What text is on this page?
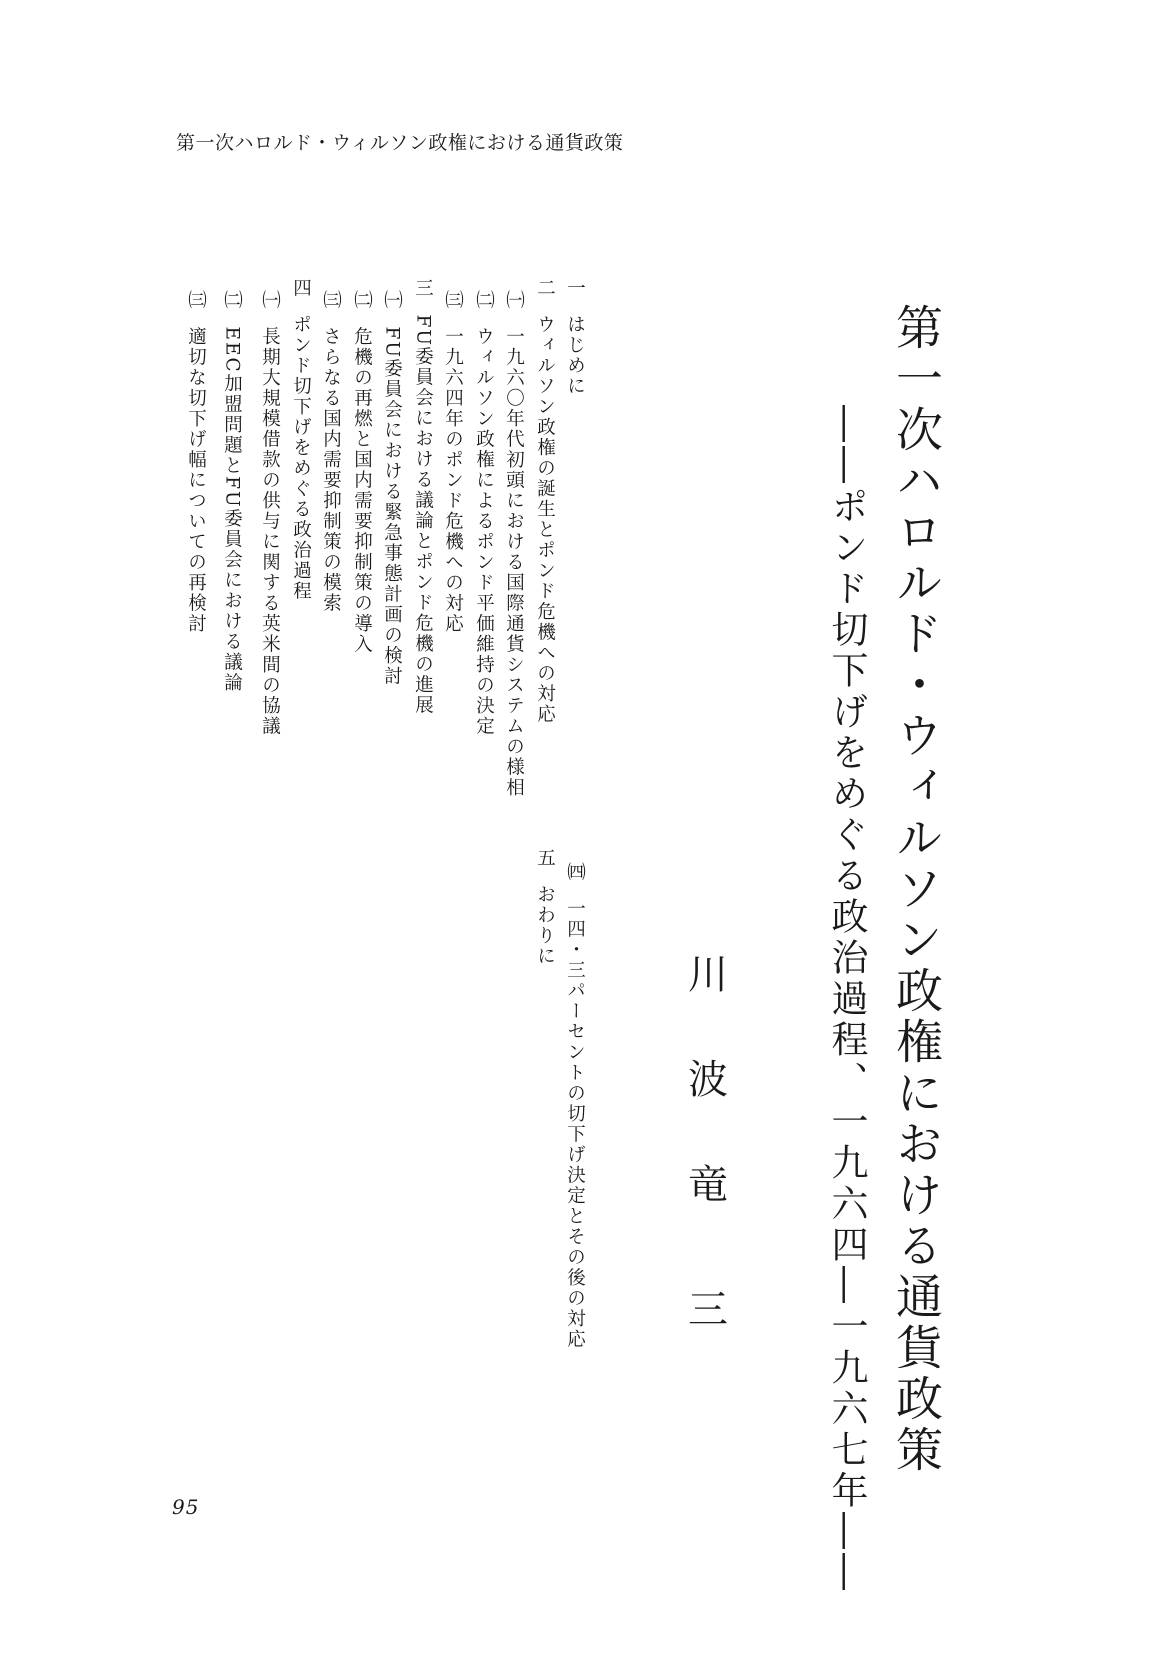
第一次ハロルド・ウィルソン政権における通貨政策
第一次ハロルド・ウィルソン政権における通貨政策
――ポンド切下げをめぐる政治過程、一九六四―一九六七年――
川
波
竜
三
一はじめに
二ウィルソン政権の誕生とポンド危機への対応
㈠一九六〇年代初頭における国際通貨システムの様相
㈡ウィルソン政権によるポンド平価維持の決定
㈢一九六四年のポンド危機への対応
三FU委員会における議論とポンド危機の進展
㈠FU委員会における緊急事態計画の検討
㈡危機の再燃と国内需要抑制策の導入
㈢さらなる国内需要抑制策の模索
四ポンド切下げをめぐる政治過程
㈠長期大規模借款の供与に関する英米間の協議
㈡EEC加盟問題とFU委員会における議論
㈢適切な切下げ幅についての再検討
㈣一四・三パーセントの切下げ決定とその後の対応
五おわりに
95
